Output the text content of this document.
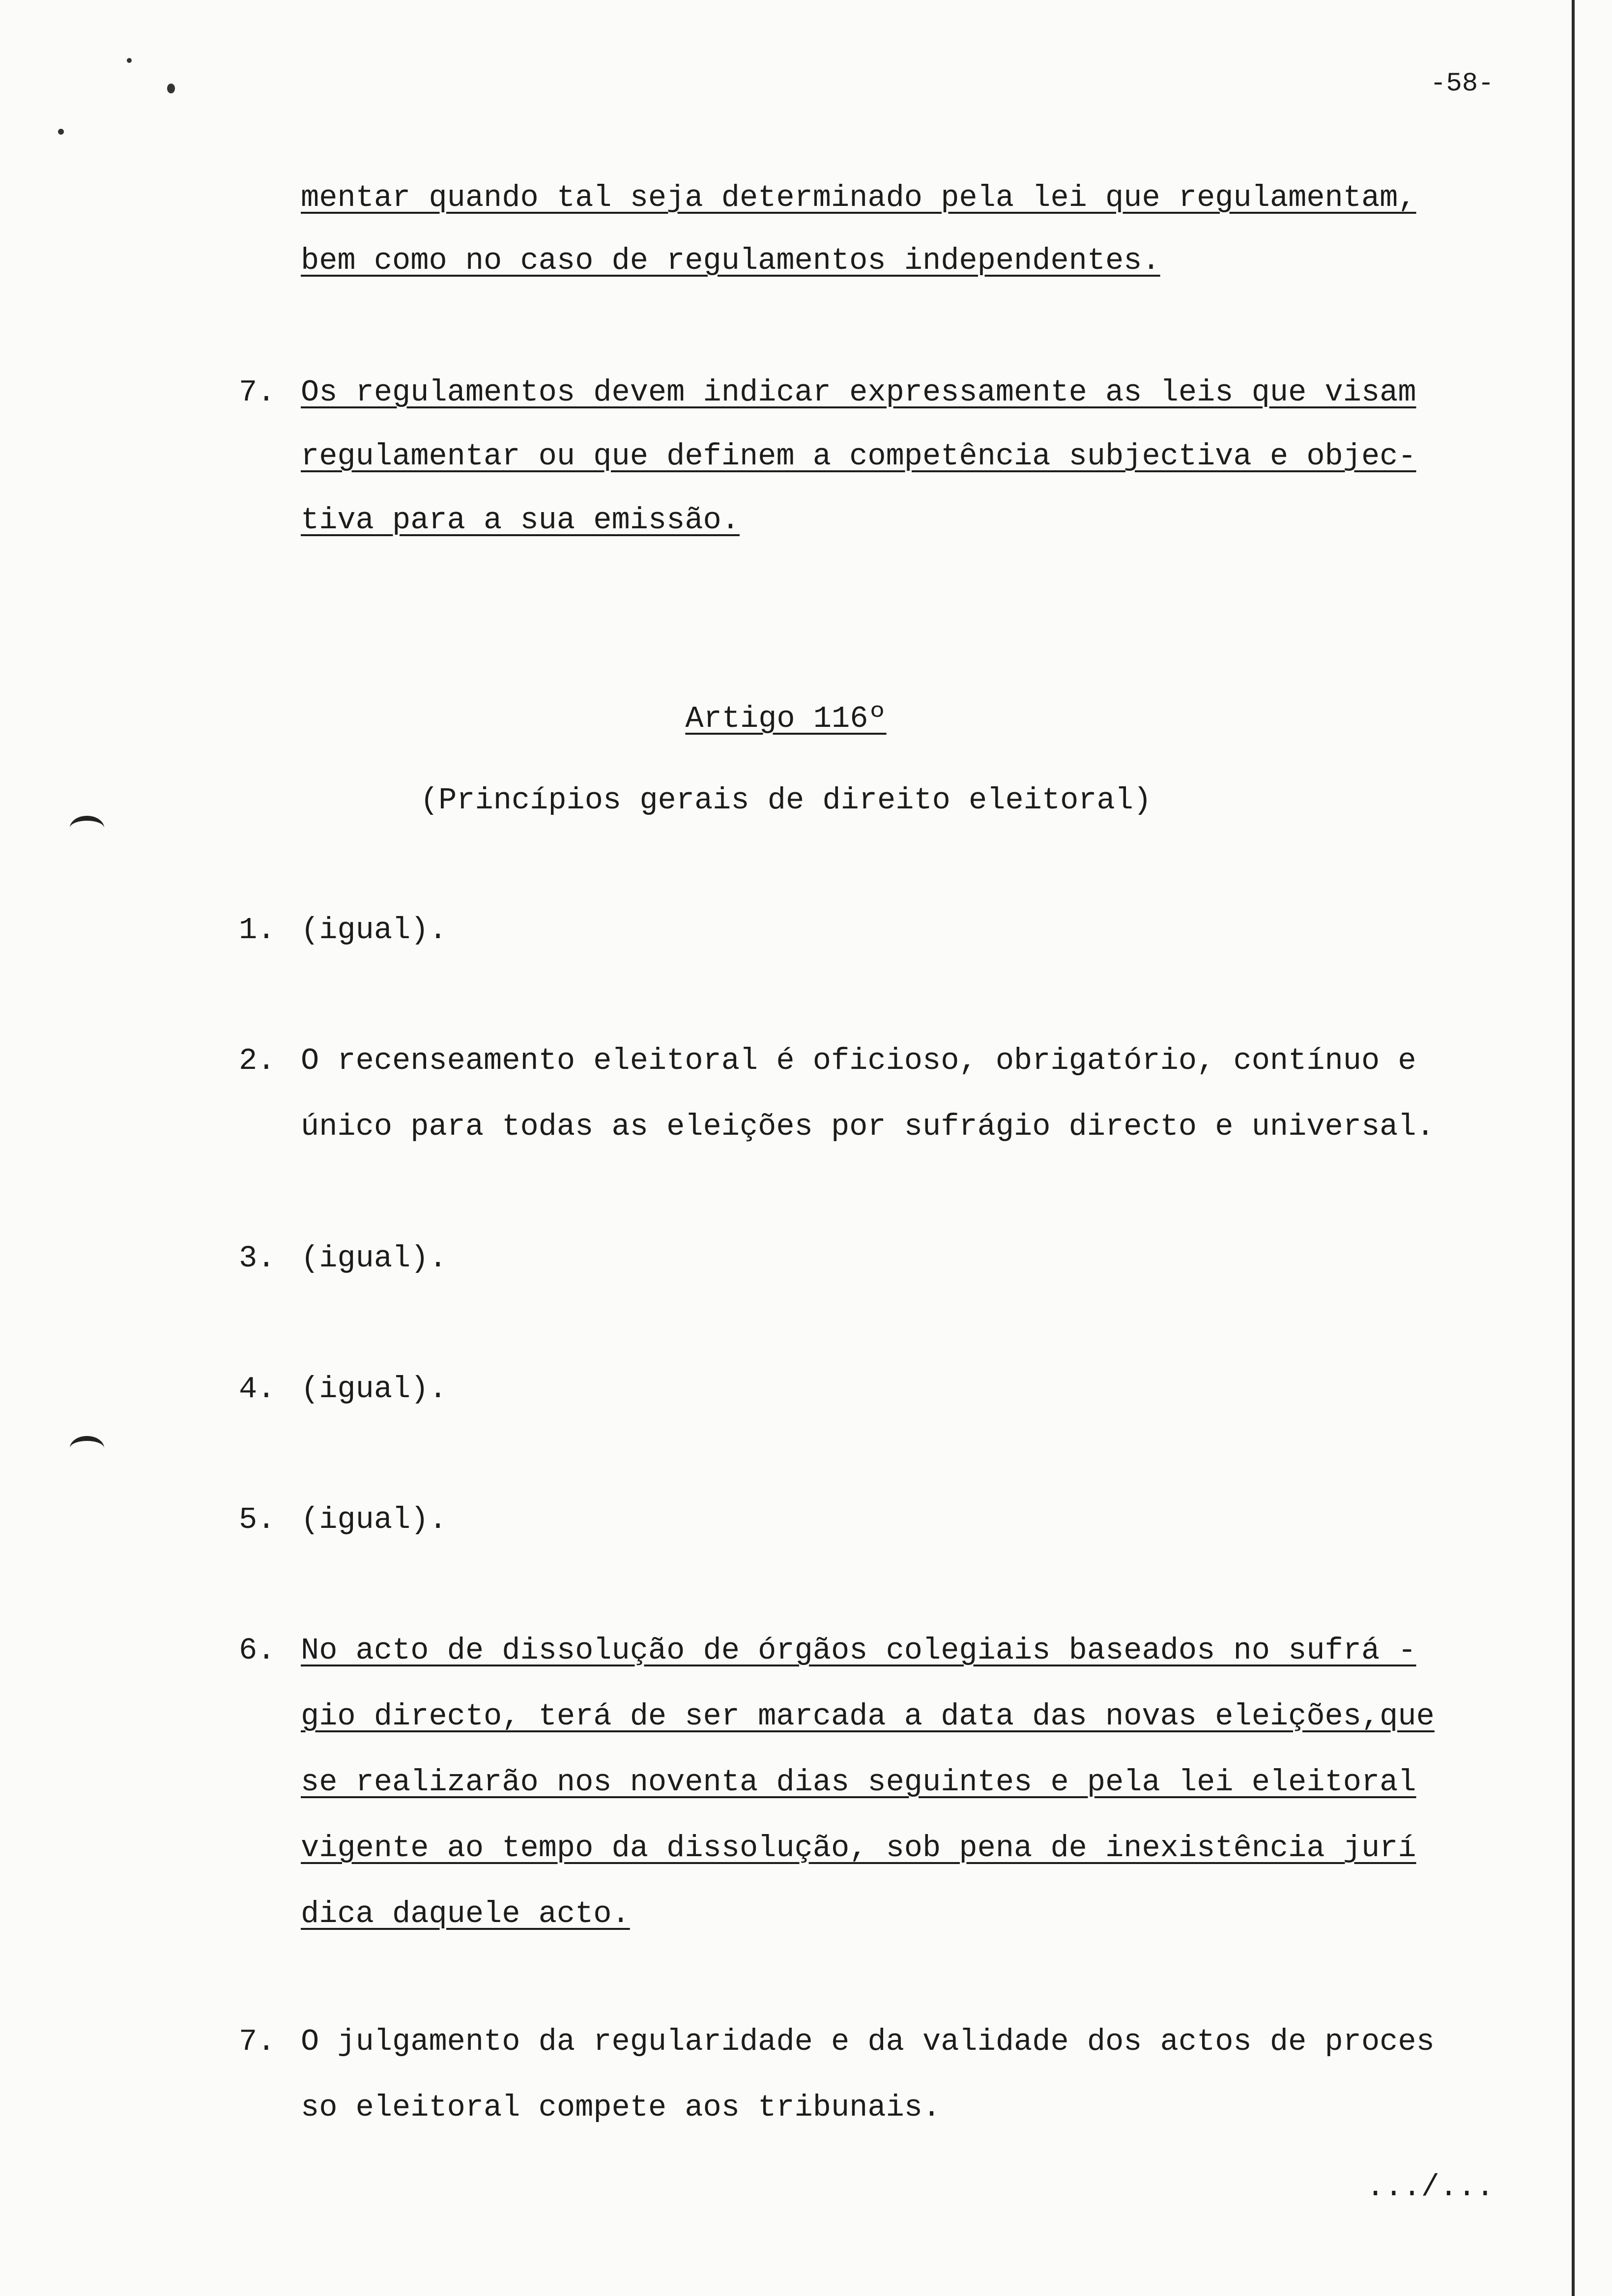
-58-
mentar quando tal seja determinado pela lei que regulamentam,
bem como no caso de regulamentos independentes.
7. Os regulamentos devem indicar expressamente as leis que visam
regulamentar ou que definem a competência subjectiva e objec-
tiva para a sua emissão.
Artigo 116º
(Princípios gerais de direito eleitoral)
1. (igual).
2. O recenseamento eleitoral é oficioso, obrigatório, contínuo e
único para todas as eleições por sufrágio directo e universal.
3. (igual).
4. (igual).
5. (igual).
6. No acto de dissolução de órgãos colegiais baseados no sufrá -
gio directo, terá de ser marcada a data das novas eleições,que
se realizarão nos noventa dias seguintes e pela lei eleitoral
vigente ao tempo da dissolução, sob pena de inexistência jurí
dica daquele acto.
7. O julgamento da regularidade e da validade dos actos de proces
so eleitoral compete aos tribunais.
.../...
